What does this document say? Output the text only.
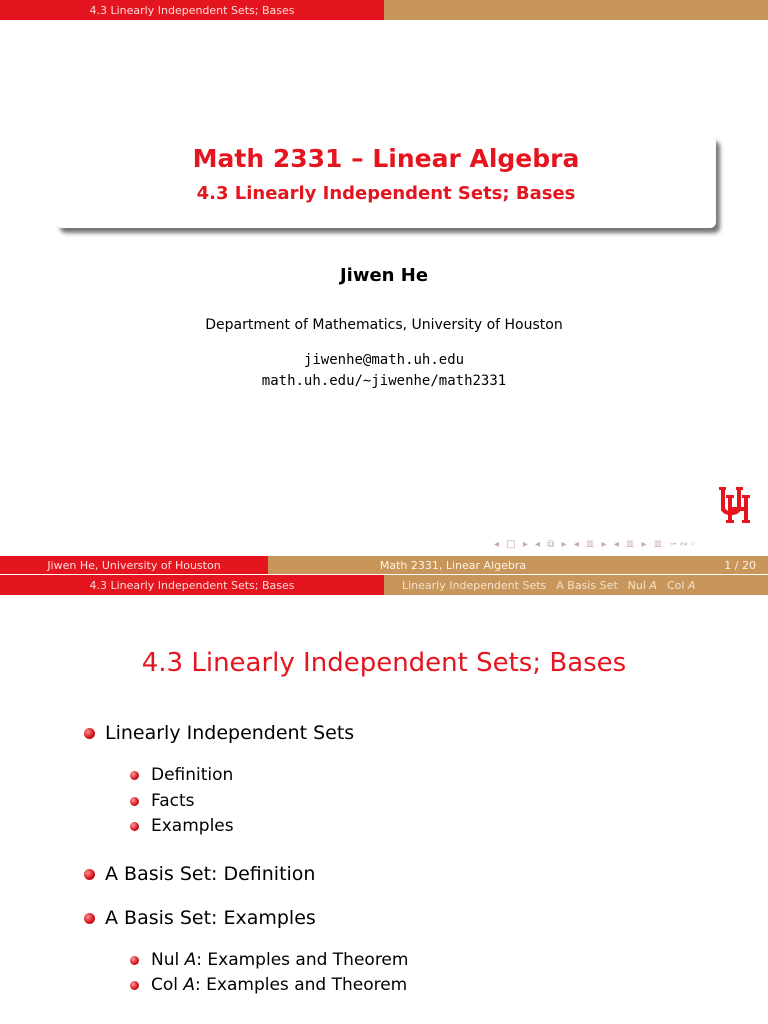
4.3 Linearly Independent Sets; Bases
Math 2331 – Linear Algebra
4.3 Linearly Independent Sets; Bases
Jiwen He
Department of Mathematics, University of Houston
jiwenhe@math.uh.edu
math.uh.edu/∼jiwenhe/math2331
◂ □ ▸ ◂ ⧉ ▸ ◂ ≣ ▸ ◂ ≣ ▸ ≣ ∽∾◦
Jiwen He, University of Houston	Math 2331, Linear Algebra	1 / 20
4.3 Linearly Independent Sets; Bases	Linearly Independent Sets A Basis Set Nul A Col A
4.3 Linearly Independent Sets; Bases
Linearly Independent Sets
Definition
Facts
Examples
A Basis Set: Definition
A Basis Set: Examples
Nul A: Examples and Theorem
Col A: Examples and Theorem
